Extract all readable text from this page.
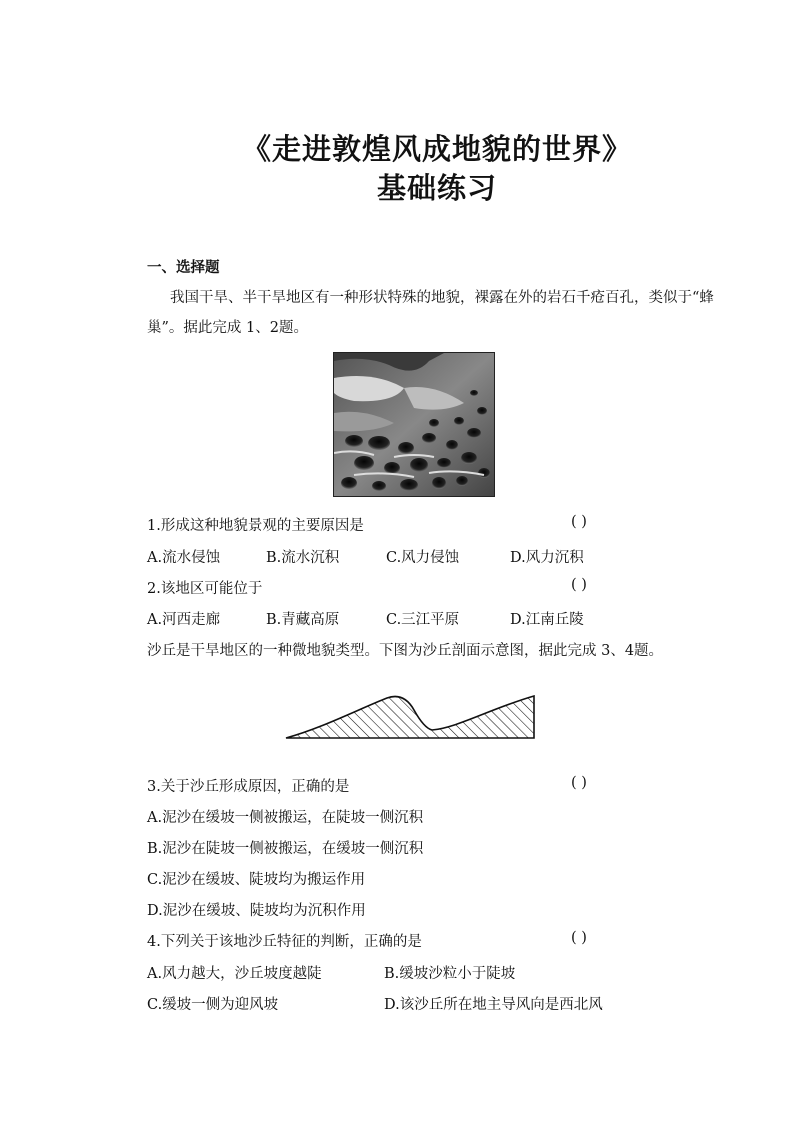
《走进敦煌风成地貌的世界》
基础练习
一、选择题
我国干旱、半干旱地区有一种形状特殊的地貌，裸露在外的岩石千疮百孔，类似于“蜂
巢”。据此完成 1、2题。
1.形成这种地貌景观的主要原因是	( )
A.流水侵蚀	B.流水沉积	C.风力侵蚀	D.风力沉积
2.该地区可能位于	( )
A.河西走廊	B.青藏高原	C.三江平原	D.江南丘陵
沙丘是干旱地区的一种微地貌类型。下图为沙丘剖面示意图，据此完成 3、4题。
3.关于沙丘形成原因，正确的是	( )
A.泥沙在缓坡一侧被搬运，在陡坡一侧沉积
B.泥沙在陡坡一侧被搬运，在缓坡一侧沉积
C.泥沙在缓坡、陡坡均为搬运作用
D.泥沙在缓坡、陡坡均为沉积作用
4.下列关于该地沙丘特征的判断，正确的是	( )
A.风力越大，沙丘坡度越陡	B.缓坡沙粒小于陡坡
C.缓坡一侧为迎风坡	D.该沙丘所在地主导风向是西北风
